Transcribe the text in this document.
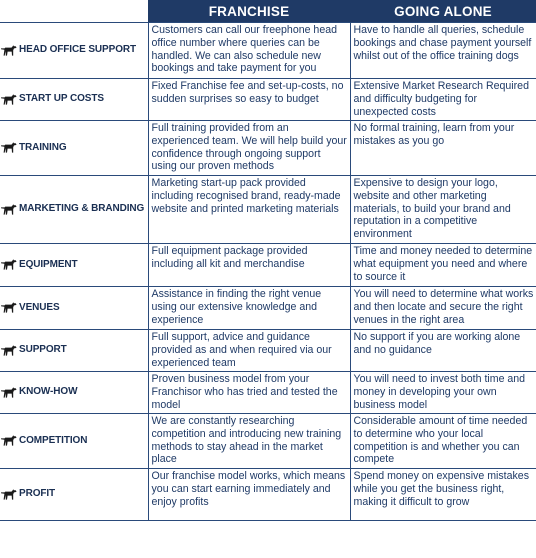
	FRANCHISE	GOING ALONE

HEAD OFFICE SUPPORT	Customers can call our freephone head office number where queries can be handled. We can also schedule new bookings and take payment for you	Have to handle all queries, schedule bookings and chase payment yourself whilst out of the office training dogs

START UP COSTS	Fixed Franchise fee and set-up-costs, no sudden surprises so easy to budget	Extensive Market Research Required and difficulty budgeting for unexpected costs

TRAINING	Full training provided from an experienced team. We will help build your confidence through ongoing support using our proven methods	No formal training, learn from your mistakes as you go

MARKETING & BRANDING	Marketing start-up pack provided including recognised brand, ready-made website and printed marketing materials	Expensive to design your logo, website and other marketing materials, to build your brand and reputation in a competitive environment

EQUIPMENT	Full equipment package provided including all kit and merchandise	Time and money needed to determine what equipment you need and where to source it

VENUES	Assistance in finding the right venue using our extensive knowledge and experience	You will need to determine what works and then locate and secure the right venues in the right area

SUPPORT	Full support, advice and guidance provided as and when required via our experienced team	No support if you are working alone and no guidance

KNOW-HOW	Proven business model from your Franchisor who has tried and tested the model	You will need to invest both time and money in developing your own business model

COMPETITION	We are constantly researching competition and introducing new training methods to stay ahead in the market place	Considerable amount of time needed to determine who your local competition is and whether you can compete

PROFIT	Our franchise model works, which means you can start earning immediately and enjoy profits	Spend money on expensive mistakes while you get the business right, making it difficult to grow
